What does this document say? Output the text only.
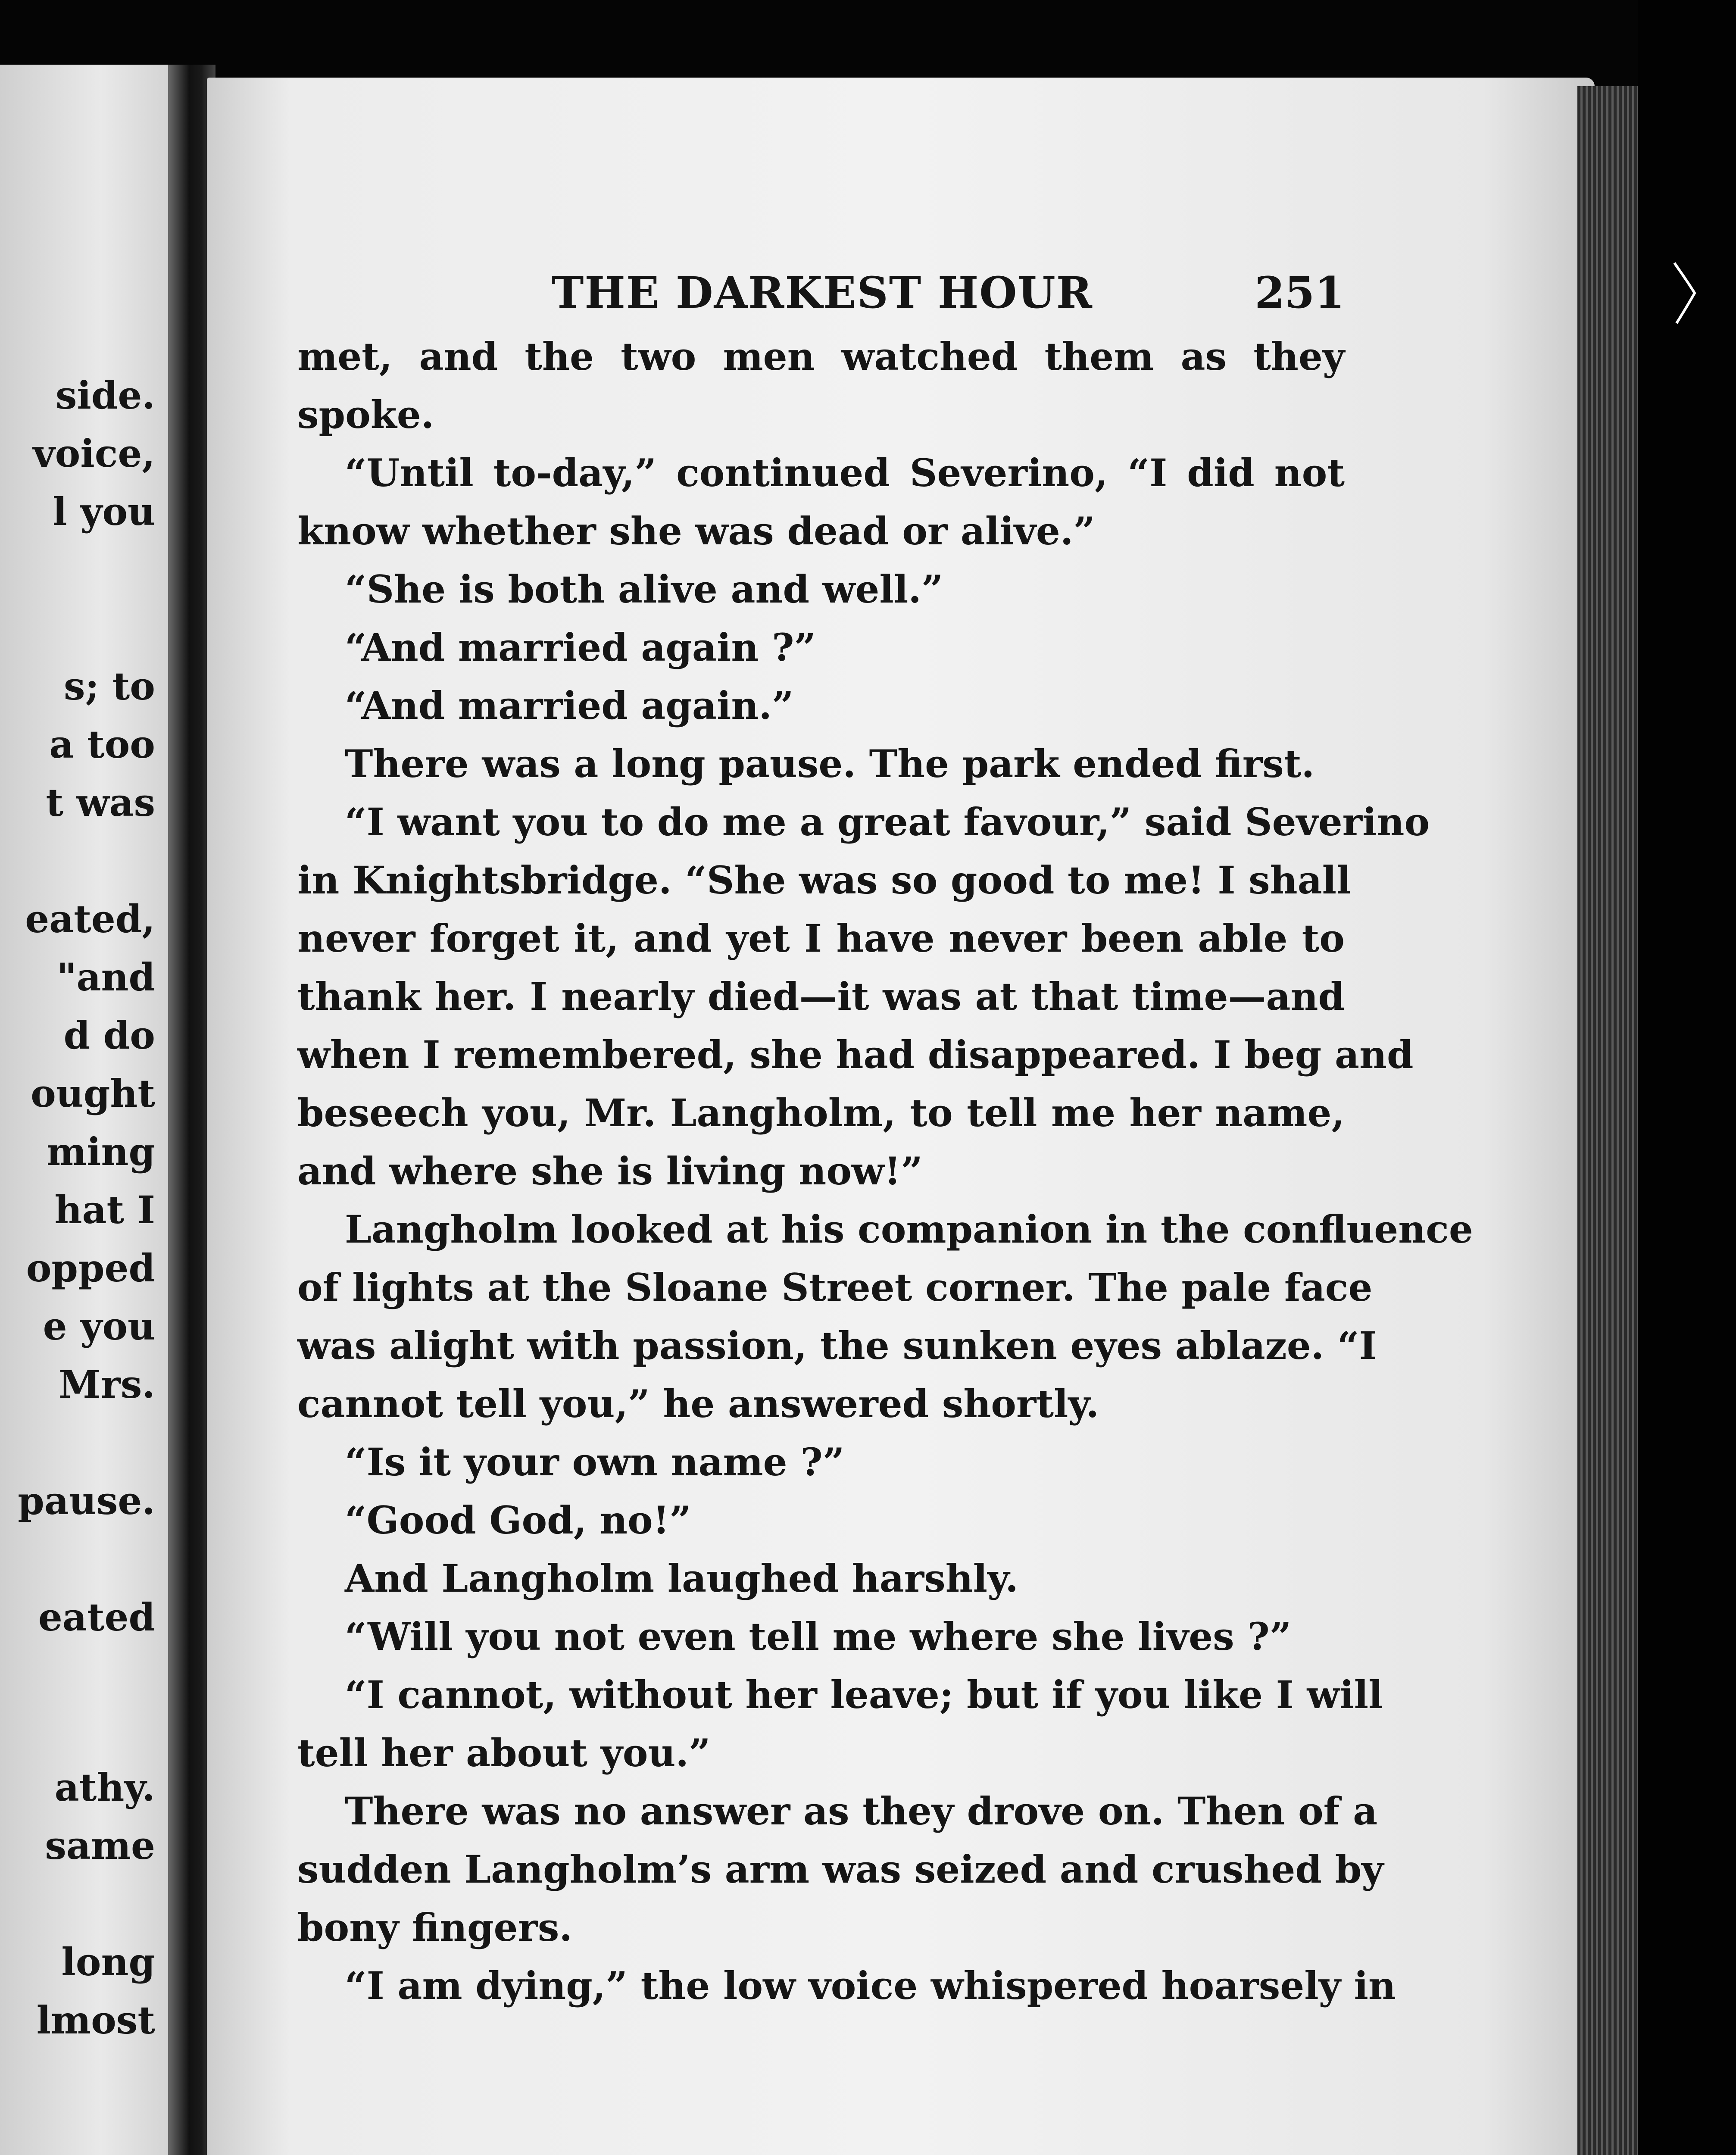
side.
voice,
l you
s; to
a too
t was
eated,
"and
d do
ought
ming
hat I
opped
e you
Mrs.
pause.
eated
athy.
same
long
lmost
THE DARKEST HOUR	251
met, and the two men watched them as they
spoke.
“Until to-day,” continued Severino, “I did not
know whether she was dead or alive.”
“She is both alive and well.”
“And married again ?”
“And married again.”
There was a long pause. The park ended first.
“I want you to do me a great favour,” said Severino
in Knightsbridge. “She was so good to me! I shall
never forget it, and yet I have never been able to
thank her. I nearly died—it was at that time—and
when I remembered, she had disappeared. I beg and
beseech you, Mr. Langholm, to tell me her name,
and where she is living now!”
Langholm looked at his companion in the confluence
of lights at the Sloane Street corner. The pale face
was alight with passion, the sunken eyes ablaze. “I
cannot tell you,” he answered shortly.
“Is it your own name ?”
“Good God, no!”
And Langholm laughed harshly.
“Will you not even tell me where she lives ?”
“I cannot, without her leave; but if you like I will
tell her about you.”
There was no answer as they drove on. Then of a
sudden Langholm’s arm was seized and crushed by
bony fingers.
“I am dying,” the low voice whispered hoarsely in
